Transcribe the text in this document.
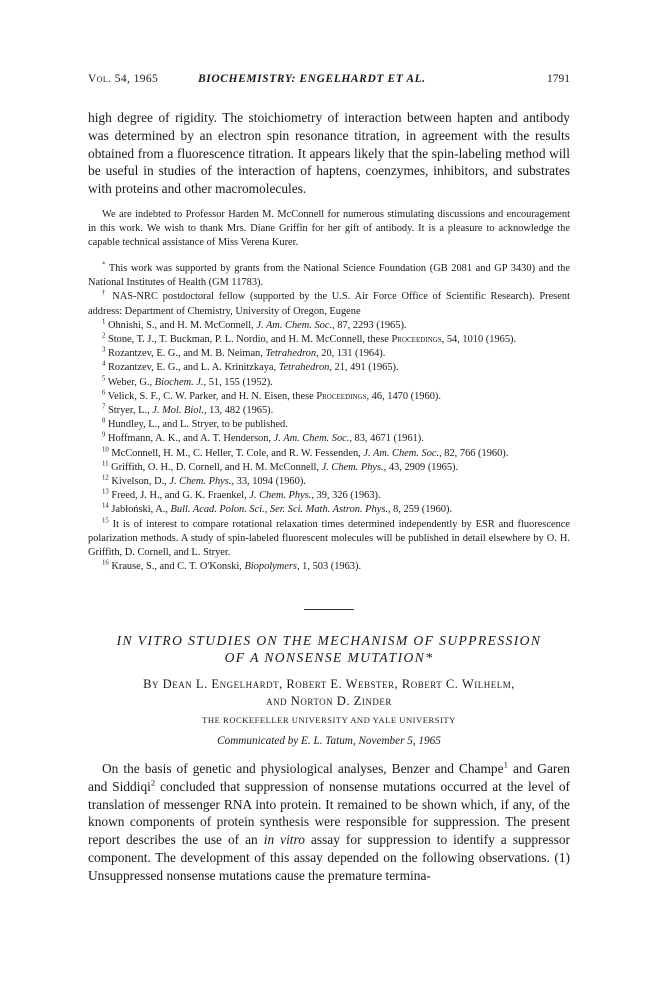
Vol. 54, 1965	BIOCHEMISTRY: ENGELHARDT ET AL.	1791
high degree of rigidity. The stoichiometry of interaction between hapten and antibody was determined by an electron spin resonance titration, in agreement with the results obtained from a fluorescence titration. It appears likely that the spin-labeling method will be useful in studies of the interaction of haptens, coenzymes, inhibitors, and substrates with proteins and other macromolecules.
We are indebted to Professor Harden M. McConnell for numerous stimulating discussions and encouragement in this work. We wish to thank Mrs. Diane Griffin for her gift of antibody. It is a pleasure to acknowledge the capable technical assistance of Miss Verena Kurer.
* This work was supported by grants from the National Science Foundation (GB 2081 and GP 3430) and the National Institutes of Health (GM 11783).
† NAS-NRC postdoctoral fellow (supported by the U.S. Air Force Office of Scientific Research). Present address: Department of Chemistry, University of Oregon, Eugene
$^1$ Ohnishi, S., and H. M. McConnell, J. Am. Chem. Soc., 87, 2293 (1965).
$^2$ Stone, T. J., T. Buckman, P. L. Nordio, and H. M. McConnell, these Proceedings, 54, 1010 (1965).
$^3$ Rozantzev, E. G., and M. B. Neiman, Tetrahedron, 20, 131 (1964).
$^4$ Rozantzev, E. G., and L. A. Krinitzkaya, Tetrahedron, 21, 491 (1965).
$^5$ Weber, G., Biochem. J., 51, 155 (1952).
$^6$ Velick, S. F., C. W. Parker, and H. N. Eisen, these Proceedings, 46, 1470 (1960).
$^7$ Stryer, L., J. Mol. Biol., 13, 482 (1965).
$^8$ Hundley, L., and L. Stryer, to be published.
$^9$ Hoffmann, A. K., and A. T. Henderson, J. Am. Chem. Soc., 83, 4671 (1961).
$^{10}$ McConnell, H. M., C. Heller, T. Cole, and R. W. Fessenden, J. Am. Chem. Soc., 82, 766 (1960).
$^{11}$ Griffith, O. H., D. Cornell, and H. M. McConnell, J. Chem. Phys., 43, 2909 (1965).
$^{12}$ Kivelson, D., J. Chem. Phys., 33, 1094 (1960).
$^{13}$ Freed, J. H., and G. K. Fraenkel, J. Chem. Phys., 39, 326 (1963).
$^{14}$ Jabłoński, A., Bull. Acad. Polon. Sci., Ser. Sci. Math. Astron. Phys., 8, 259 (1960).
$^{15}$ It is of interest to compare rotational relaxation times determined independently by ESR and fluorescence polarization methods. A study of spin-labeled fluorescent molecules will be published in detail elsewhere by O. H. Griffith, D. Cornell, and L. Stryer.
$^{16}$ Krause, S., and C. T. O'Konski, Biopolymers, 1, 503 (1963).
IN VITRO STUDIES ON THE MECHANISM OF SUPPRESSION
OF A NONSENSE MUTATION*
By Dean L. Engelhardt, Robert E. Webster, Robert C. Wilhelm,
and Norton D. Zinder
THE ROCKEFELLER UNIVERSITY AND YALE UNIVERSITY
Communicated by E. L. Tatum, November 5, 1965
On the basis of genetic and physiological analyses, Benzer and Champe$^1$ and Garen and Siddiqi$^2$ concluded that suppression of nonsense mutations occurred at the level of translation of messenger RNA into protein. It remained to be shown which, if any, of the known components of protein synthesis were responsible for suppression. The present report describes the use of an in vitro assay for suppression to identify a suppressor component. The development of this assay depended on the following observations. (1) Unsuppressed nonsense mutations cause the premature termina-
